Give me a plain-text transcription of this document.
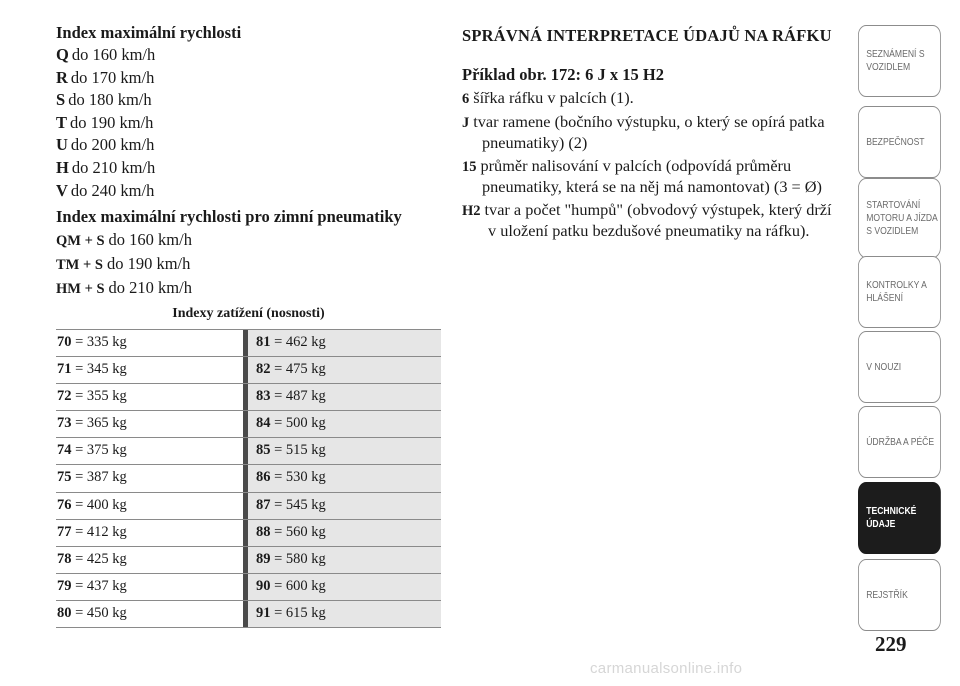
Index maximální rychlosti

Q do 160 km/h
R do 170 km/h
S do 180 km/h
T do 190 km/h
U do 200 km/h
H do 210 km/h
V do 240 km/h

Index maximální rychlosti pro zimní pneumatiky

QM + S do 160 km/h
TM + S do 190 km/h
HM + S do 210 km/h
Indexy zatížení (nosnosti)
70 = 335 kg	81 = 462 kg
71 = 345 kg	82 = 475 kg
72 = 355 kg	83 = 487 kg
73 = 365 kg	84 = 500 kg
74 = 375 kg	85 = 515 kg
75 = 387 kg	86 = 530 kg
76 = 400 kg	87 = 545 kg
77 = 412 kg	88 = 560 kg
78 = 425 kg	89 = 580 kg
79 = 437 kg	90 = 600 kg
80 = 450 kg	91 = 615 kg

SPRÁVNÁ INTERPRETACE ÚDAJŮ NA RÁFKU

Příklad obr. 172: 6 J x 15 H2
6 šířka ráfku v palcích (1).
J tvar ramene (bočního výstupku, o který se opírá patka pneumatiky) (2)
15 průměr nalisování v palcích (odpovídá průměru pneumatiky, která se na něj má namontovat) (3 = Ø)
H2 tvar a počet "humpů" (obvodový výstupek, který drží v uložení patku bezdušové pneumatiky na ráfku).
SEZNÁMENÍ S VOZIDLEM
BEZPEČNOST
STARTOVÁNÍ MOTORU A JÍZDA S VOZIDLEM
KONTROLKY A HLÁŠENÍ
V NOUZI
ÚDRŽBA A PÉČE
TECHNICKÉ ÚDAJE
REJSTŘÍK
229
carmanualsonline.info
